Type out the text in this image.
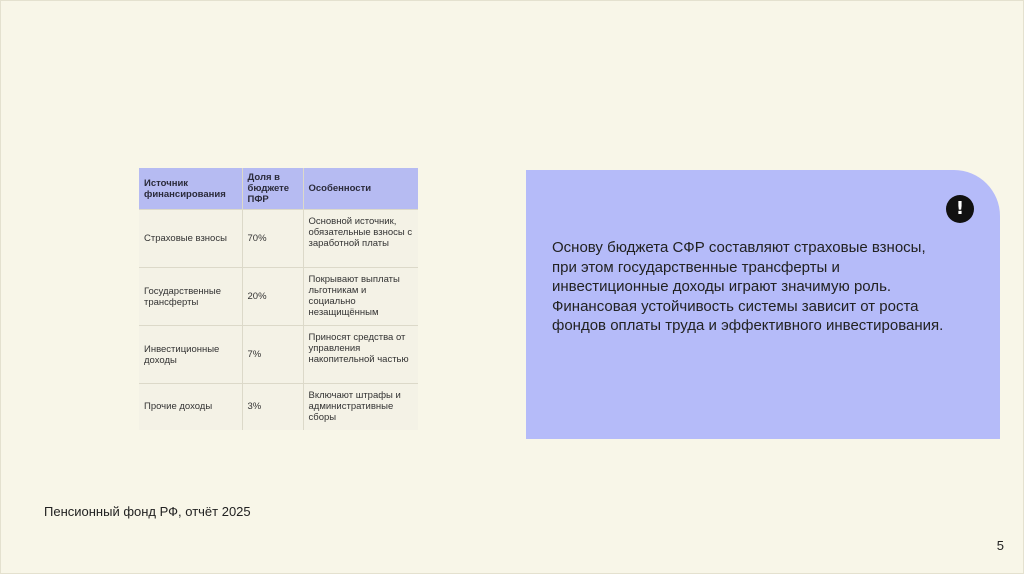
Источник финансирования	Доля в бюджете ПФР	Особенности
Страховые взносы	70%	Основной источник, обязательные взносы с заработной платы
Государственные трансферты	20%	Покрывают выплаты льготникам и социально незащищённым
Инвестиционные доходы	7%	Приносят средства от управления накопительной частью
Прочие доходы	3%	Включают штрафы и административные сборы
!

Основу бюджета СФР составляют страховые взносы, при этом государственные трансферты и инвестиционные доходы играют значимую роль.

Финансовая устойчивость системы зависит от роста фондов оплаты труда и эффективного инвестирования.

Пенсионный фонд РФ, отчёт 2025
5
